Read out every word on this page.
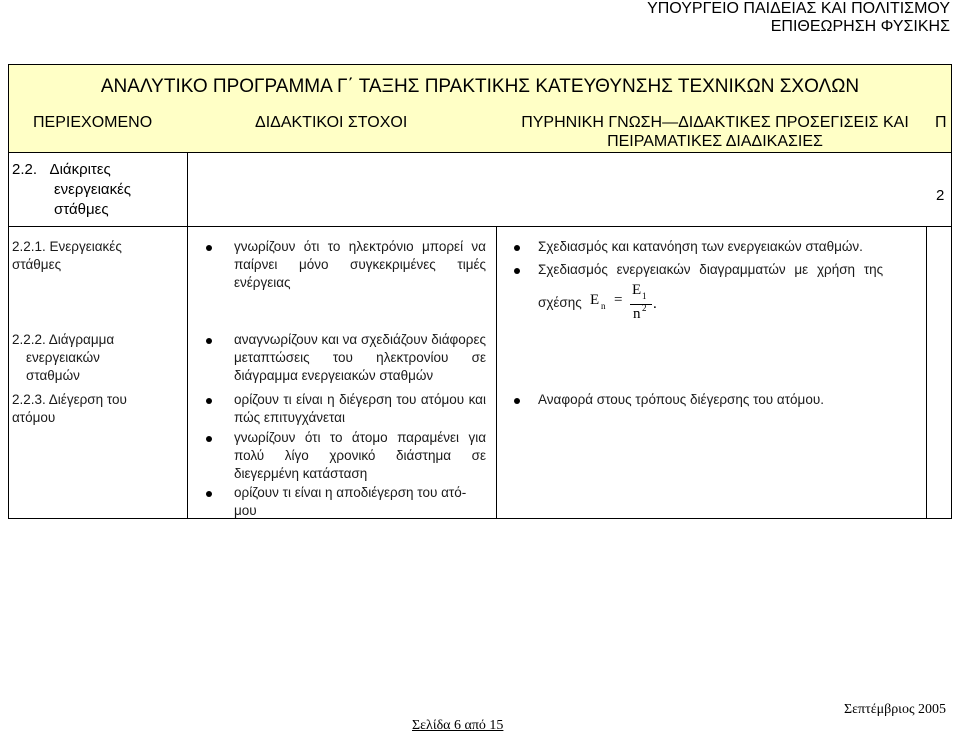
ΥΠΟΥΡΓΕΙΟ ΠΑΙΔΕΙΑΣ ΚΑΙ ΠΟΛΙΤΙΣΜΟΥ
ΕΠΙΘΕΩΡΗΣΗ ΦΥΣΙΚΗΣ
ΑΝΑΛΥΤΙΚΟ ΠΡΟΓΡΑΜΜΑ Γ΄ ΤΑΞΗΣ ΠΡΑΚΤΙΚΗΣ ΚΑΤΕΥΘΥΝΣΗΣ ΤΕΧΝΙΚΩΝ ΣΧΟΛΩΝ
ΠΕΡΙΕΧΟΜΕΝΟ	ΔΙΔΑΚΤΙΚΟΙ ΣΤΟΧΟΙ	ΠΥΡΗΝΙΚΗ ΓΝΩΣΗ—ΔΙΔΑΚΤΙΚΕΣ ΠΡΟΣΕΓΙΣΕΙΣ ΚΑΙ
ΠΕΙΡΑΜΑΤΙΚΕΣ ΔΙΑΔΙΚΑΣΙΕΣ
Π
2.2. Διάκριτες
ενεργειακές
στάθμες
2
2.2.1. Ενεργειακές
στάθμες
γνωρίζουν ότι το ηλεκτρόνιο μπορεί να παίρνει μόνο συγκεκριμένες τιμές ενέργειας
Σχεδιασμός και κατανόηση των ενεργειακών σταθμών.
Σχεδιασμός ενεργειακών διαγραμματών με χρήση της
σχέσης E n =
E 1
n 2 .
2.2.2. Διάγραμμα
ενεργειακών
σταθμών
αναγνωρίζουν και να σχεδιάζουν διάφορες μεταπτώσεις του ηλεκτρονίου σε διάγραμμα ενεργειακών σταθμών
2.2.3. Διέγερση του
ατόμου
ορίζουν τι είναι η διέγερση του ατόμου και πώς επιτυγχάνεται
γνωρίζουν ότι το άτομο παραμένει για πολύ λίγο χρονικό διάστημα σε διεγερμένη κατάσταση
ορίζουν τι είναι η αποδιέγερση του ατό-
μου
Αναφορά στους τρόπους διέγερσης του ατόμου.
Σεπτέμβριος 2005
Σελίδα 6 από 15
